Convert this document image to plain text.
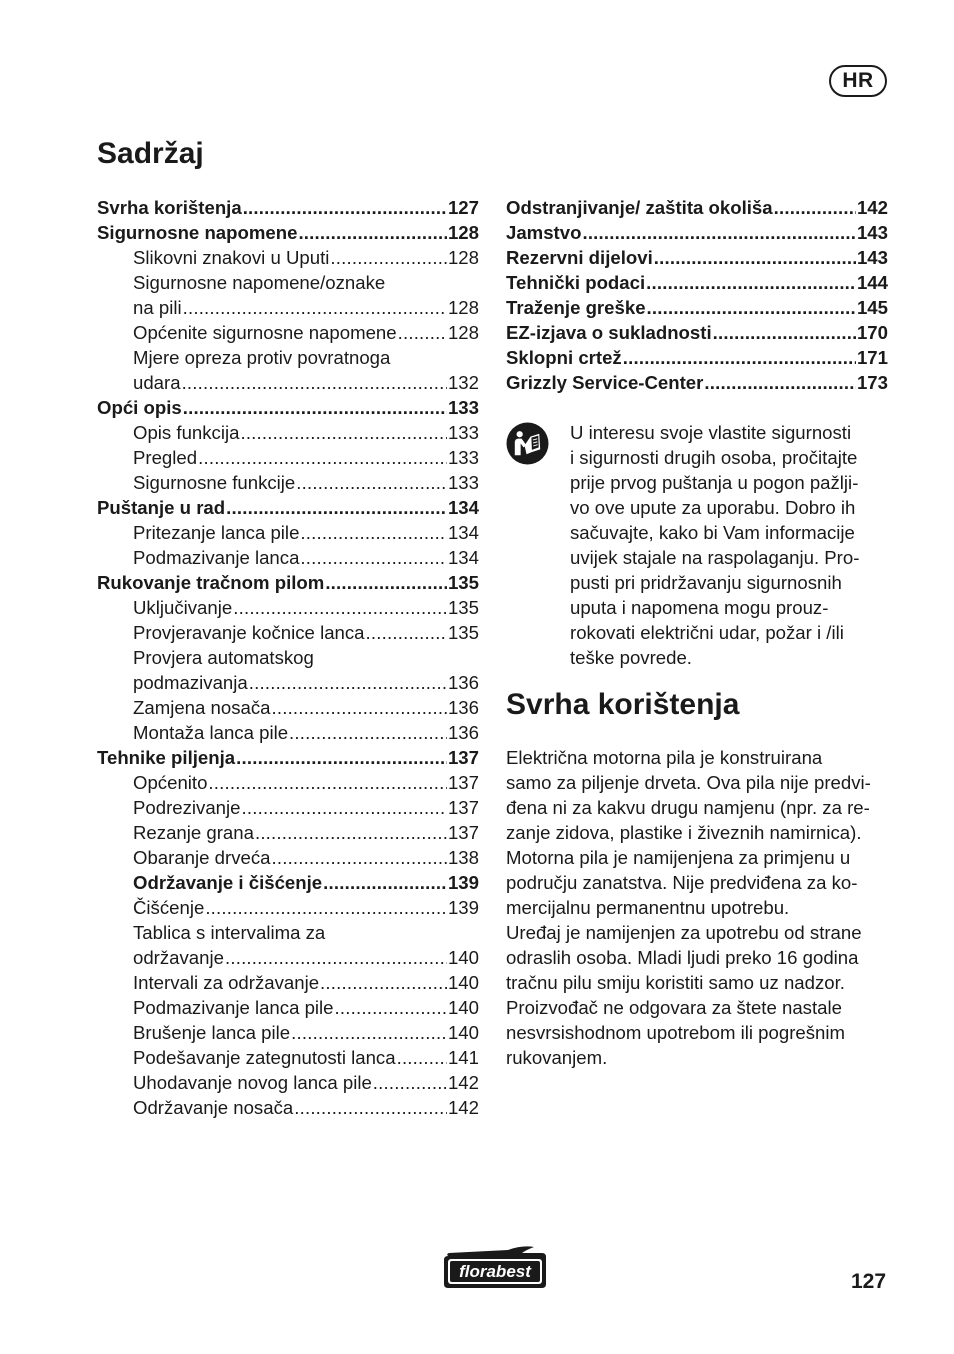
HR
Sadržaj
Svrha korištenja .....	127
Sigurnosne napomene .....	128
Slikovni znakovi u Uputi .....	128
Sigurnosne napomene/oznake
na pili .....	128
Općenite sigurnosne napomene .....	128
Mjere opreza protiv povratnoga
udara .....	132
Opći opis .....	133
Opis funkcija .....	133
Pregled .....	133
Sigurnosne funkcije .....	133
Puštanje u rad .....	134
Pritezanje lanca pile .....	134
Podmazivanje lanca .....	134
Rukovanje tračnom pilom .....	135
Uključivanje .....	135
Provjeravanje kočnice lanca .....	135
Provjera automatskog
podmazivanja .....	136
Zamjena nosača .....	136
Montaža lanca pile .....	136
Tehnike piljenja .....	137
Općenito .....	137
Podrezivanje .....	137
Rezanje grana .....	137
Obaranje drveća .....	138
Održavanje i čišćenje .....	139
Čišćenje .....	139
Tablica s intervalima za
održavanje .....	140
Intervali za održavanje .....	140
Podmazivanje lanca pile .....	140
Brušenje lanca pile .....	140
Podešavanje zategnutosti lanca .....	141
Uhodavanje novog lanca pile .....	142
Održavanje nosača .....	142
Odstranjivanje/ zaštita okoliša .....	142
Jamstvo .....	143
Rezervni dijelovi .....	143
Tehnički podaci .....	144
Traženje greške .....	145
EZ-izjava o sukladnosti .....	170
Sklopni crtež .....	171
Grizzly Service-Center .....	173
U interesu svoje vlastite sigurnosti
i sigurnosti drugih osoba, pročitajte
prije prvog puštanja u pogon pažlji-
vo ove upute za uporabu. Dobro ih
sačuvajte, kako bi Vam informacije
uvijek stajale na raspolaganju. Pro-
pusti pri pridržavanju sigurnosnih
uputa i napomena mogu prouz-
rokovati električni udar, požar i /ili
teške povrede.
Svrha korištenja
Električna motorna pila je konstruirana
samo za piljenje drveta. Ova pila nije predvi-
đena ni za kakvu drugu namjenu (npr. za re-
zanje zidova, plastike i živeznih namirnica).
Motorna pila je namijenjena za primjenu u
području zanatstva. Nije predviđena za ko-
mercijalnu permanentnu upotrebu.
Uređaj je namijenjen za upotrebu od strane
odraslih osoba. Mladi ljudi preko 16 godina
tračnu pilu smiju koristiti samo uz nadzor.
Proizvođač ne odgovara za štete nastale
nesvrsishodnom upotrebom ili pogrešnim
rukovanjem.
florabest	127
